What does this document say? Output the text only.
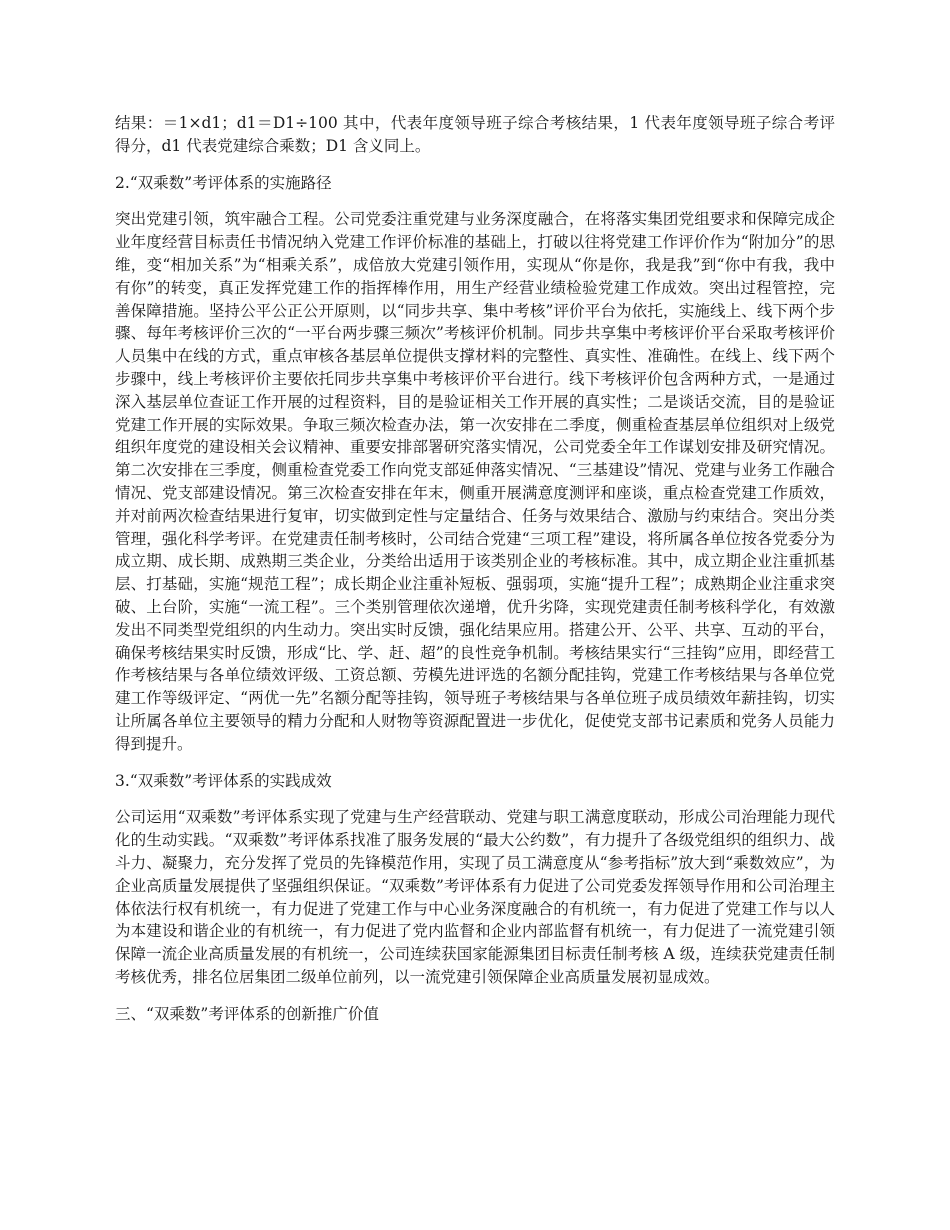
结果：＝1×d1；d1＝D1÷100 其中，代表年度领导班子综合考核结果，1 代表年度领导班子综合考评得分，d1 代表党建综合乘数；D1 含义同上。

2.“双乘数”考评体系的实施路径

突出党建引领，筑牢融合工程。公司党委注重党建与业务深度融合，在将落实集团党组要求和保障完成企业年度经营目标责任书情况纳入党建工作评价标准的基础上，打破以往将党建工作评价作为“附加分”的思维，变“相加关系”为“相乘关系”，成倍放大党建引领作用，实现从“你是你，我是我”到“你中有我，我中有你”的转变，真正发挥党建工作的指挥棒作用，用生产经营业绩检验党建工作成效。突出过程管控，完善保障措施。坚持公平公正公开原则，以“同步共享、集中考核”评价平台为依托，实施线上、线下两个步骤、每年考核评价三次的“一平台两步骤三频次”考核评价机制。同步共享集中考核评价平台采取考核评价人员集中在线的方式，重点审核各基层单位提供支撑材料的完整性、真实性、准确性。在线上、线下两个步骤中，线上考核评价主要依托同步共享集中考核评价平台进行。线下考核评价包含两种方式，一是通过深入基层单位查证工作开展的过程资料，目的是验证相关工作开展的真实性；二是谈话交流，目的是验证党建工作开展的实际效果。争取三频次检查办法，第一次安排在二季度，侧重检查基层单位组织对上级党组织年度党的建设相关会议精神、重要安排部署研究落实情况，公司党委全年工作谋划安排及研究情况。第二次安排在三季度，侧重检查党委工作向党支部延伸落实情况、“三基建设”情况、党建与业务工作融合情况、党支部建设情况。第三次检查安排在年末，侧重开展满意度测评和座谈，重点检查党建工作质效，并对前两次检查结果进行复审，切实做到定性与定量结合、任务与效果结合、激励与约束结合。突出分类管理，强化科学考评。在党建责任制考核时，公司结合党建“三项工程”建设，将所属各单位按各党委分为成立期、成长期、成熟期三类企业，分类给出适用于该类别企业的考核标准。其中，成立期企业注重抓基层、打基础，实施“规范工程”；成长期企业注重补短板、强弱项，实施“提升工程”；成熟期企业注重求突破、上台阶，实施“一流工程”。三个类别管理依次递增，优升劣降，实现党建责任制考核科学化，有效激发出不同类型党组织的内生动力。突出实时反馈，强化结果应用。搭建公开、公平、共享、互动的平台，确保考核结果实时反馈，形成“比、学、赶、超”的良性竞争机制。考核结果实行“三挂钩”应用，即经营工作考核结果与各单位绩效评级、工资总额、劳模先进评选的名额分配挂钩，党建工作考核结果与各单位党建工作等级评定、“两优一先”名额分配等挂钩，领导班子考核结果与各单位班子成员绩效年薪挂钩，切实让所属各单位主要领导的精力分配和人财物等资源配置进一步优化，促使党支部书记素质和党务人员能力得到提升。

3.“双乘数”考评体系的实践成效

公司运用“双乘数”考评体系实现了党建与生产经营联动、党建与职工满意度联动，形成公司治理能力现代化的生动实践。“双乘数”考评体系找准了服务发展的“最大公约数”，有力提升了各级党组织的组织力、战斗力、凝聚力，充分发挥了党员的先锋模范作用，实现了员工满意度从“参考指标”放大到“乘数效应”，为企业高质量发展提供了坚强组织保证。“双乘数”考评体系有力促进了公司党委发挥领导作用和公司治理主体依法行权有机统一，有力促进了党建工作与中心业务深度融合的有机统一，有力促进了党建工作与以人为本建设和谐企业的有机统一，有力促进了党内监督和企业内部监督有机统一，有力促进了一流党建引领保障一流企业高质量发展的有机统一，公司连续获国家能源集团目标责任制考核 A 级，连续获党建责任制考核优秀，排名位居集团二级单位前列，以一流党建引领保障企业高质量发展初显成效。

三、“双乘数”考评体系的创新推广价值
